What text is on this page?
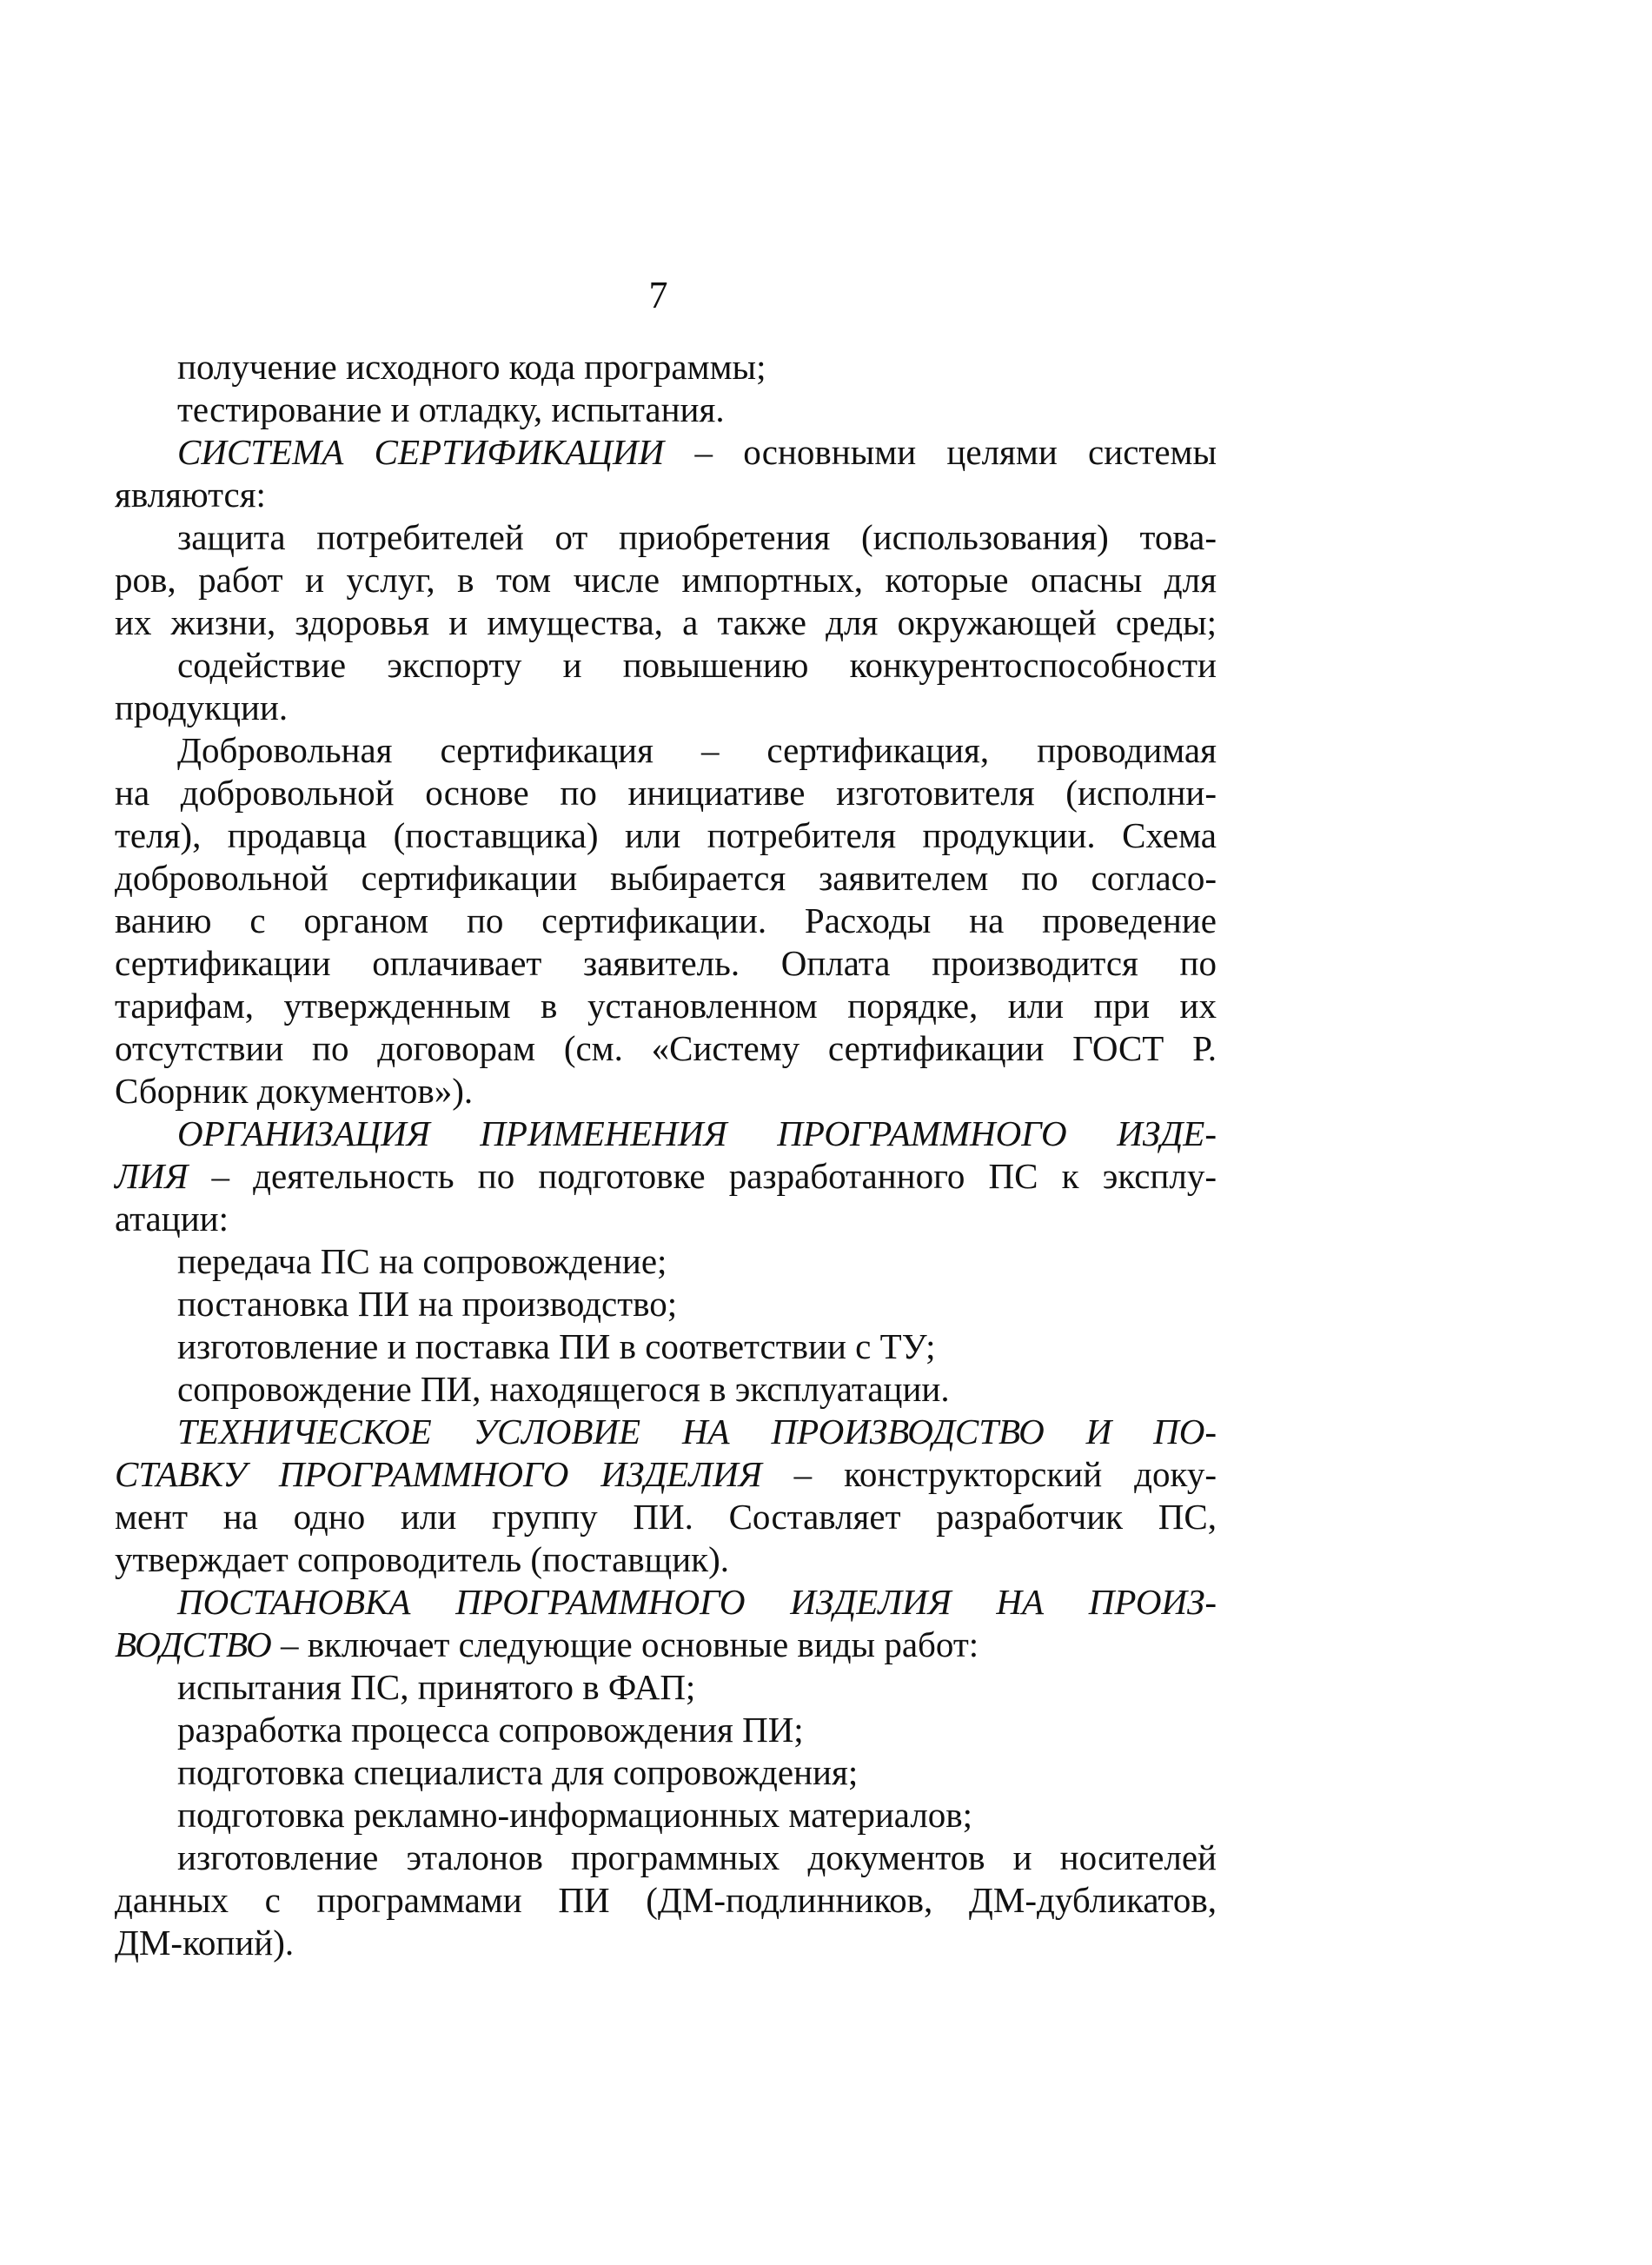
7
получение исходного кода программы;
тестирование и отладку, испытания.
СИСТЕМА СЕРТИФИКАЦИИ – основными целями системы
являются:
защита потребителей от приобретения (использования) това-
ров, работ и услуг, в том числе импортных, которые опасны для
их жизни, здоровья и имущества, а также для окружающей среды;
содействие экспорту и повышению конкурентоспособности
продукции.
Добровольная сертификация – сертификация, проводимая
на добровольной основе по инициативе изготовителя (исполни-
теля), продавца (поставщика) или потребителя продукции. Схема
добровольной сертификации выбирается заявителем по согласо-
ванию с органом по сертификации. Расходы на проведение
сертификации оплачивает заявитель. Оплата производится по
тарифам, утвержденным в установленном порядке, или при их
отсутствии по договорам (см. «Систему сертификации ГОСТ Р.
Сборник документов»).
ОРГАНИЗАЦИЯ ПРИМЕНЕНИЯ ПРОГРАММНОГО ИЗДЕ-
ЛИЯ – деятельность по подготовке разработанного ПС к эксплу-
атации:
передача ПС на сопровождение;
постановка ПИ на производство;
изготовление и поставка ПИ в соответствии с ТУ;
сопровождение ПИ, находящегося в эксплуатации.
ТЕХНИЧЕСКОЕ УСЛОВИЕ НА ПРОИЗВОДСТВО И ПО-
СТАВКУ ПРОГРАММНОГО ИЗДЕЛИЯ – конструкторский доку-
мент на одно или группу ПИ. Составляет разработчик ПС,
утверждает сопроводитель (поставщик).
ПОСТАНОВКА ПРОГРАММНОГО ИЗДЕЛИЯ НА ПРОИЗ-
ВОДСТВО – включает следующие основные виды работ:
испытания ПС, принятого в ФАП;
разработка процесса сопровождения ПИ;
подготовка специалиста для сопровождения;
подготовка рекламно-информационных материалов;
изготовление эталонов программных документов и носителей
данных с программами ПИ (ДМ-подлинников, ДМ-дубликатов,
ДМ-копий).
